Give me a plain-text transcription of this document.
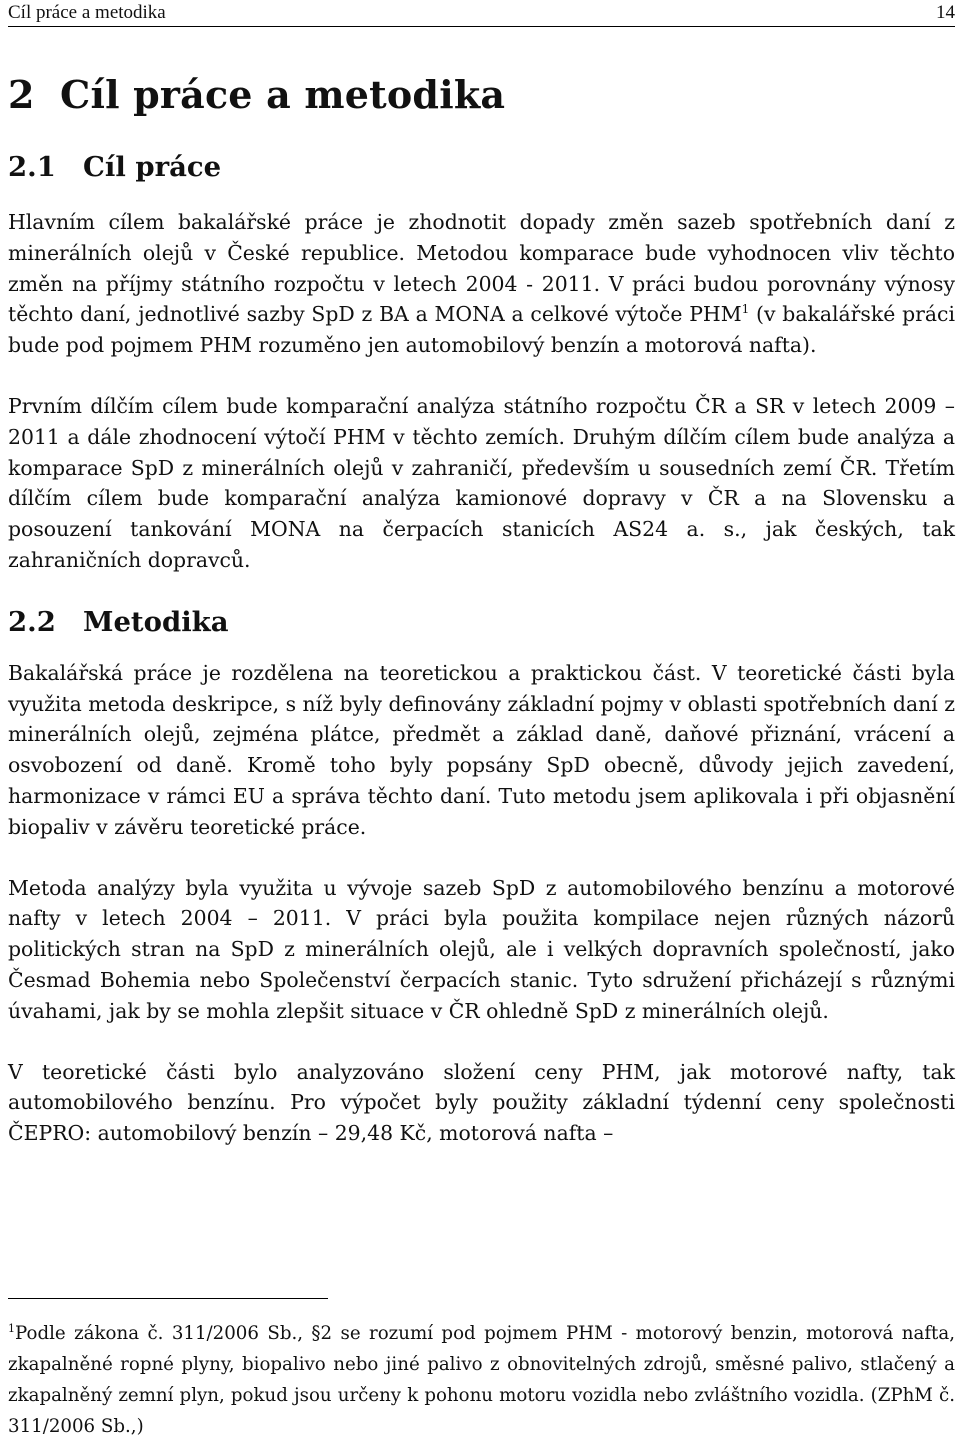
Cíl práce a metodika	14
2 Cíl práce a metodika
2.1 Cíl práce

Hlavním cílem bakalářské práce je zhodnotit dopady změn sazeb spotřebních daní z minerálních olejů v České republice. Metodou komparace bude vyhodnocen vliv těchto změn na příjmy státního rozpočtu v letech 2004 - 2011. V práci budou porovnány výnosy těchto daní, jednotlivé sazby SpD z BA a MONA a celkové výtoče PHM$^1$ (v bakalářské práci bude pod pojmem PHM rozuměno jen automobilový benzín a motorová nafta).

Prvním dílčím cílem bude komparační analýza státního rozpočtu ČR a SR v letech 2009 – 2011 a dále zhodnocení výtočí PHM v těchto zemích. Druhým dílčím cílem bude analýza a komparace SpD z minerálních olejů v zahraničí, především u sousedních zemí ČR. Třetím dílčím cílem bude komparační analýza kamionové dopravy v ČR a na Slovensku a posouzení tankování MONA na čerpacích stanicích AS24 a. s., jak českých, tak zahraničních dopravců.

2.2 Metodika

Bakalářská práce je rozdělena na teoretickou a praktickou část. V teoretické části byla využita metoda deskripce, s níž byly definovány základní pojmy v oblasti spotřebních daní z minerálních olejů, zejména plátce, předmět a základ daně, daňové přiznání, vrácení a osvobození od daně. Kromě toho byly popsány SpD obecně, důvody jejich zavedení, harmonizace v rámci EU a správa těchto daní. Tuto metodu jsem aplikovala i při objasnění biopaliv v závěru teoretické práce.

Metoda analýzy byla využita u vývoje sazeb SpD z automobilového benzínu a motorové nafty v letech 2004 – 2011. V práci byla použita kompilace nejen různých názorů politických stran na SpD z minerálních olejů, ale i velkých dopravních společností, jako Česmad Bohemia nebo Společenství čerpacích stanic. Tyto sdružení přicházejí s různými úvahami, jak by se mohla zlepšit situace v ČR ohledně SpD z minerálních olejů.

V teoretické části bylo analyzováno složení ceny PHM, jak motorové nafty, tak automobilového benzínu. Pro výpočet byly použity základní týdenní ceny společnosti ČEPRO: automobilový benzín – 29,48 Kč, motorová nafta –

$^1$Podle zákona č. 311/2006 Sb., §2 se rozumí pod pojmem PHM - motorový benzin, motorová nafta, zkapalněné ropné plyny, biopalivo nebo jiné palivo z obnovitelných zdrojů, směsné palivo, stlačený a zkapalněný zemní plyn, pokud jsou určeny k pohonu motoru vozidla nebo zvláštního vozidla. (ZPhM č. 311/2006 Sb.,)
